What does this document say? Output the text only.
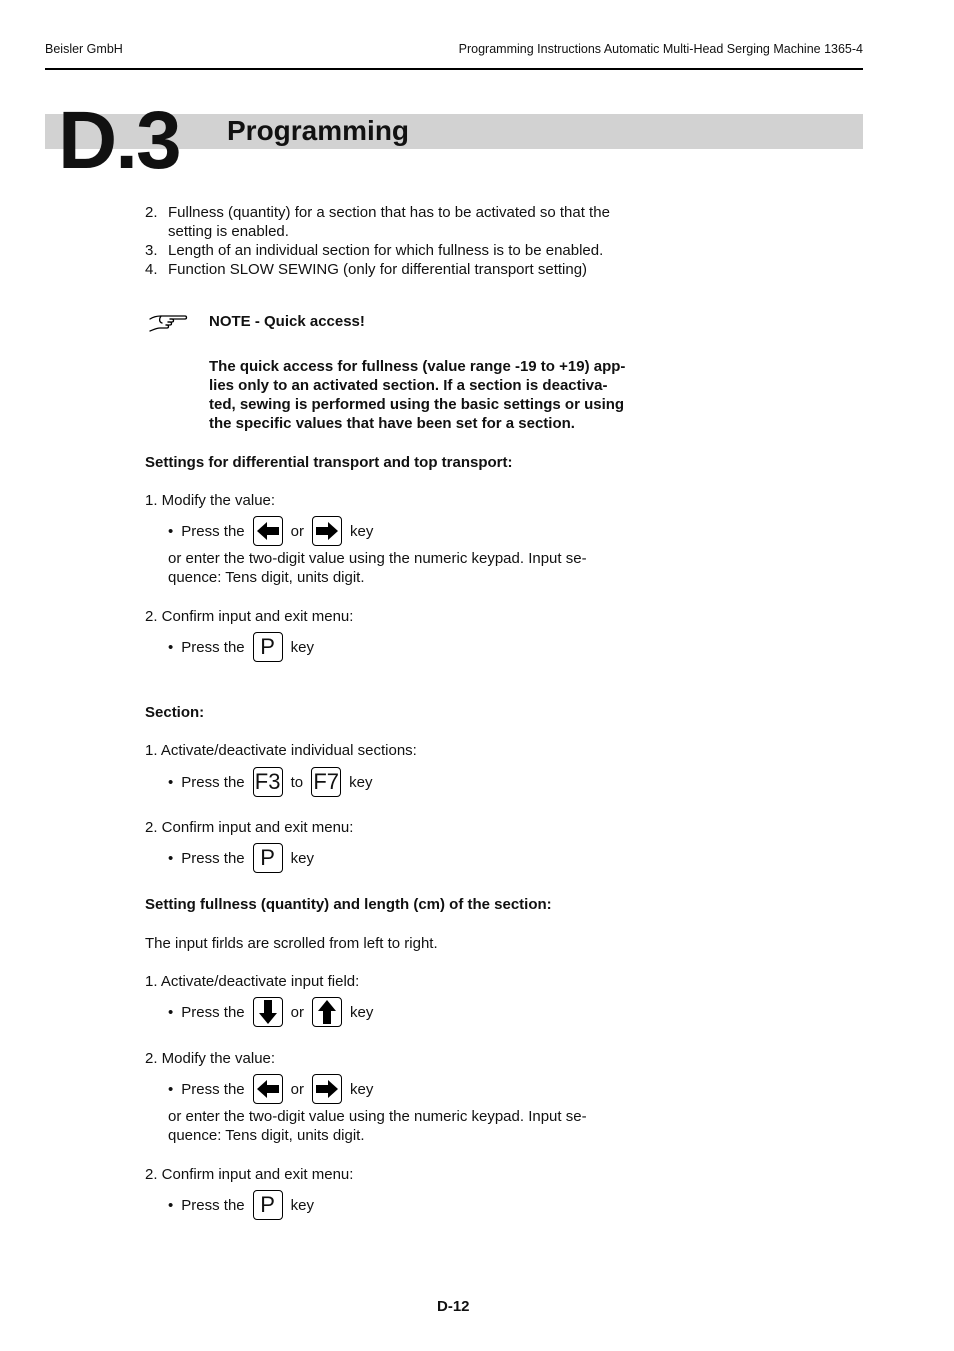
Beisler GmbH	Programming Instructions Automatic Multi-Head Serging Machine 1365-4
D.3 Programming
2. Fullness (quantity) for a section that has to be activated so that the
setting is enabled.
3. Length of an individual section for which fullness is to be enabled.
4. Function SLOW SEWING (only for differential transport setting)
NOTE - Quick access!
The quick access for fullness (value range -19 to +19) app-
lies only to an activated section. If a section is deactiva-
ted, sewing is performed using the basic settings or using
the specific values that have been set for a section.
Settings for differential transport and top transport:
1. Modify the value:
• Press the	or	key
or enter the two-digit value using the numeric keypad. Input se-
quence: Tens digit, units digit.
2. Confirm input and exit menu:
• Press the P key
Section:
1. Activate/deactivate individual sections:
• Press the F3 to F7 key
2. Confirm input and exit menu:
• Press the P key
Setting fullness (quantity) and length (cm) of the section:
The input firlds are scrolled from left to right.
1. Activate/deactivate input field:
• Press the	or	key
2. Modify the value:
• Press the	or	key
or enter the two-digit value using the numeric keypad. Input se-
quence: Tens digit, units digit.
2. Confirm input and exit menu:
• Press the P key
D-12
